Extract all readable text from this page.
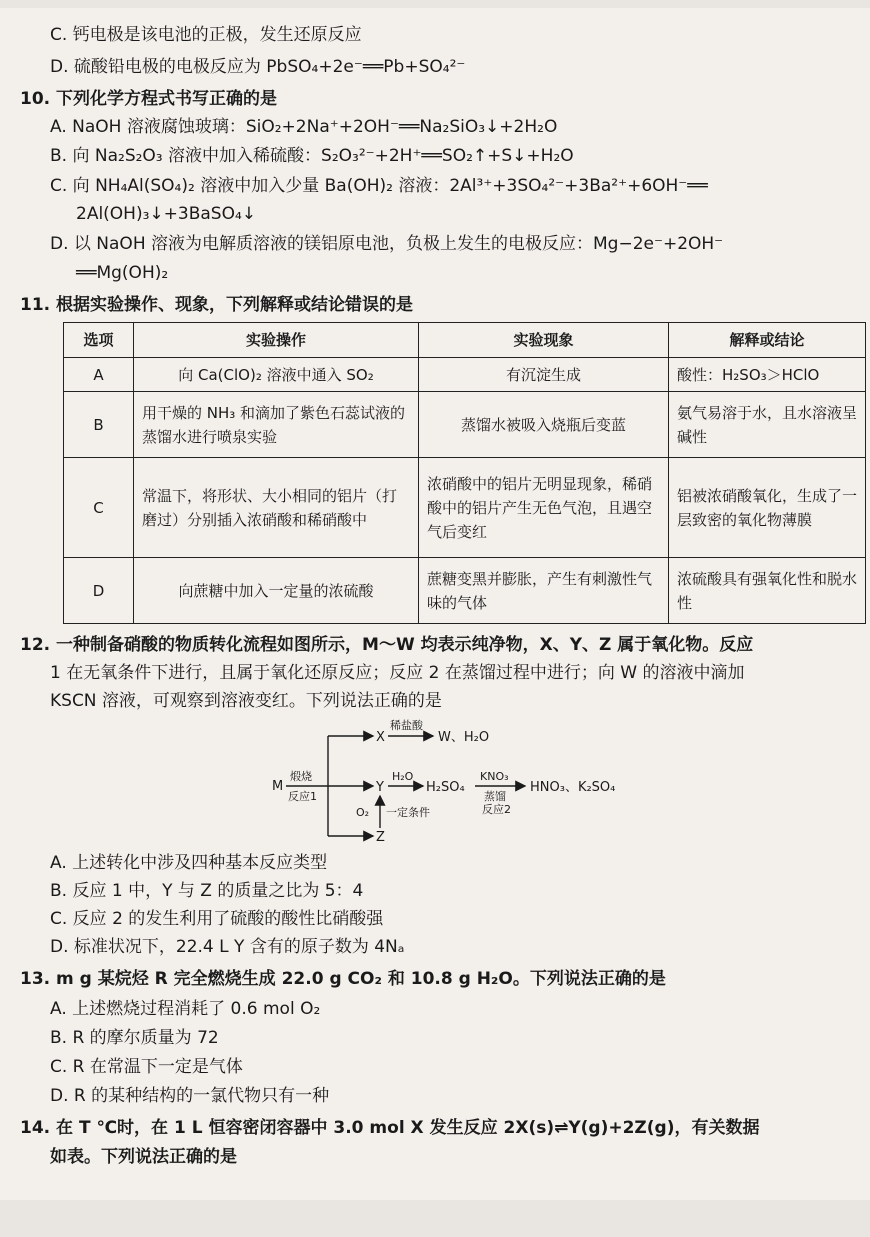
C. 钙电极是该电池的正极，发生还原反应
D. 硫酸铅电极的电极反应为 PbSO₄+2e⁻══Pb+SO₄²⁻
10. 下列化学方程式书写正确的是
A. NaOH 溶液腐蚀玻璃：SiO₂+2Na⁺+2OH⁻══Na₂SiO₃↓+2H₂O
B. 向 Na₂S₂O₃ 溶液中加入稀硫酸：S₂O₃²⁻+2H⁺══SO₂↑+S↓+H₂O
C. 向 NH₄Al(SO₄)₂ 溶液中加入少量 Ba(OH)₂ 溶液：2Al³⁺+3SO₄²⁻+3Ba²⁺+6OH⁻══
2Al(OH)₃↓+3BaSO₄↓
D. 以 NaOH 溶液为电解质溶液的镁铝原电池，负极上发生的电极反应：Mg−2e⁻+2OH⁻
══Mg(OH)₂
11. 根据实验操作、现象，下列解释或结论错误的是
选项	实验操作	实验现象	解释或结论
A	向 Ca(ClO)₂ 溶液中通入 SO₂	有沉淀生成	酸性：H₂SO₃＞HClO
B	用干燥的 NH₃ 和滴加了紫色石蕊试液的蒸馏水进行喷泉实验	蒸馏水被吸入烧瓶后变蓝	氨气易溶于水，且水溶液呈碱性
C	常温下，将形状、大小相同的铝片（打磨过）分别插入浓硝酸和稀硝酸中	浓硝酸中的铝片无明显现象，稀硝酸中的铝片产生无色气泡，且遇空气后变红	铝被浓硝酸氧化，生成了一层致密的氧化物薄膜
D	向蔗糖中加入一定量的浓硫酸	蔗糖变黑并膨胀，产生有刺激性气味的气体	浓硫酸具有强氧化性和脱水性
12. 一种制备硝酸的物质转化流程如图所示，M～W 均表示纯净物，X、Y、Z 属于氧化物。反应
1 在无氧条件下进行，且属于氧化还原反应；反应 2 在蒸馏过程中进行；向 W 的溶液中滴加
KSCN 溶液，可观察到溶液变红。下列说法正确的是
M
煅烧
反应1
X
稀盐酸
W、H₂O
Y
H₂O
H₂SO₄
KNO₃
蒸馏
反应2
HNO₃、K₂SO₄
O₂ 一定条件
Z
A. 上述转化中涉及四种基本反应类型
B. 反应 1 中，Y 与 Z 的质量之比为 5：4
C. 反应 2 的发生利用了硫酸的酸性比硝酸强
D. 标准状况下，22.4 L Y 含有的原子数为 4Nₐ
13. m g 某烷烃 R 完全燃烧生成 22.0 g CO₂ 和 10.8 g H₂O。下列说法正确的是
A. 上述燃烧过程消耗了 0.6 mol O₂
B. R 的摩尔质量为 72
C. R 在常温下一定是气体
D. R 的某种结构的一氯代物只有一种
14. 在 T ℃时，在 1 L 恒容密闭容器中 3.0 mol X 发生反应 2X(s)⇌Y(g)+2Z(g)，有关数据
如表。下列说法正确的是
